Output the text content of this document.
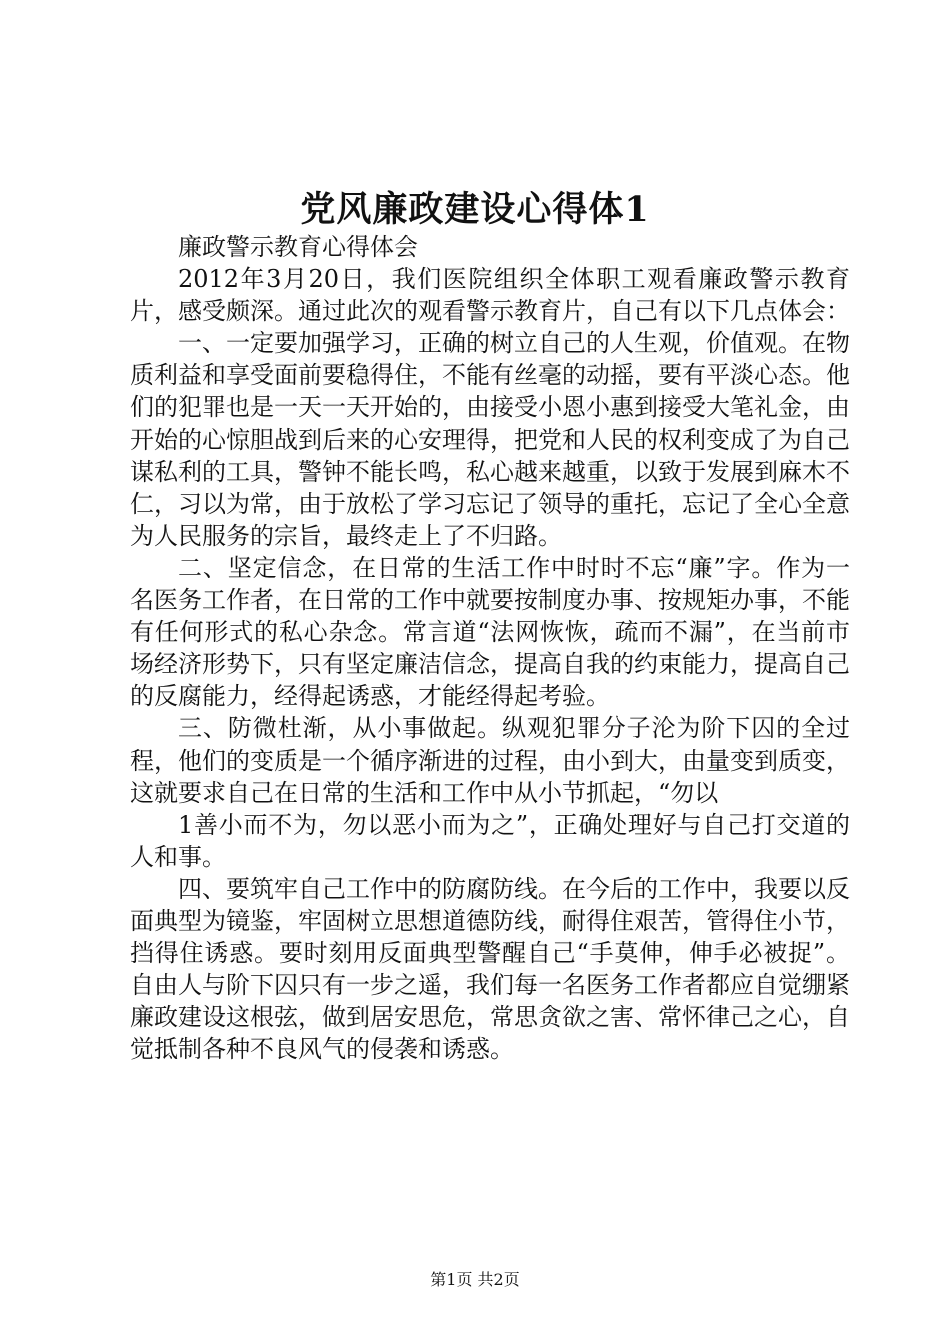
党风廉政建设心得体1

廉政警示教育心得体会

2012年3月20日，我们医院组织全体职工观看廉政警示教育片，感受颇深。通过此次的观看警示教育片，自己有以下几点体会：

一、一定要加强学习，正确的树立自己的人生观，价值观。在物质利益和享受面前要稳得住，不能有丝毫的动摇，要有平淡心态。他们的犯罪也是一天一天开始的，由接受小恩小惠到接受大笔礼金，由开始的心惊胆战到后来的心安理得，把党和人民的权利变成了为自己谋私利的工具，警钟不能长鸣，私心越来越重，以致于发展到麻木不仁，习以为常，由于放松了学习忘记了领导的重托，忘记了全心全意为人民服务的宗旨，最终走上了不归路。

二、坚定信念，在日常的生活工作中时时不忘“廉”字。作为一名医务工作者，在日常的工作中就要按制度办事、按规矩办事，不能有任何形式的私心杂念。常言道“法网恢恢，疏而不漏”，在当前市场经济形势下，只有坚定廉洁信念，提高自我的约束能力，提高自己的反腐能力，经得起诱惑，才能经得起考验。

三、防微杜渐，从小事做起。纵观犯罪分子沦为阶下囚的全过程，他们的变质是一个循序渐进的过程，由小到大，由量变到质变，这就要求自己在日常的生活和工作中从小节抓起，“勿以

1善小而不为，勿以恶小而为之”，正确处理好与自己打交道的人和事。

四、要筑牢自己工作中的防腐防线。在今后的工作中，我要以反面典型为镜鉴，牢固树立思想道德防线，耐得住艰苦，管得住小节，挡得住诱惑。要时刻用反面典型警醒自己“手莫伸，伸手必被捉”。自由人与阶下囚只有一步之遥，我们每一名医务工作者都应自觉绷紧廉政建设这根弦，做到居安思危，常思贪欲之害、常怀律己之心，自觉抵制各种不良风气的侵袭和诱惑。

第1页 共2页
